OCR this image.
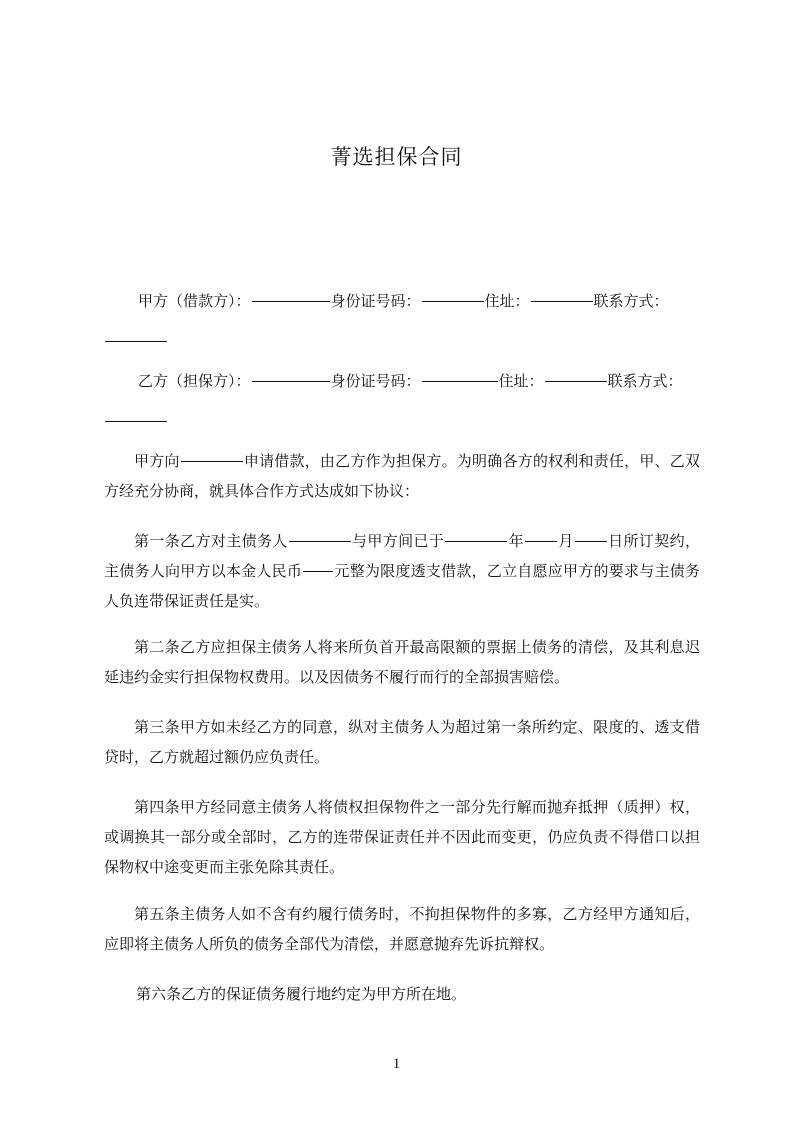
菁选担保合同
甲方（借款方）：	身份证号码：	住址：	联系方式：
乙方（担保方）：	身份证号码：	住址：	联系方式：

甲方向	申请借款，由乙方作为担保方。为明确各方的权利和责任，甲、乙双方经充分协商，就具体合作方式达成如下协议：

第一条乙方对主债务人	与甲方间已于	年 月 日所订契约，主债务人向甲方以本金人民币 元整为限度透支借款，乙立自愿应甲方的要求与主债务人负连带保证责任是实。

第二条乙方应担保主债务人将来所负首开最高限额的票据上债务的清偿，及其利息迟延违约金实行担保物权费用。以及因债务不履行而行的全部损害赔偿。

第三条甲方如未经乙方的同意，纵对主债务人为超过第一条所约定、限度的、透支借贷时，乙方就超过额仍应负责任。

第四条甲方经同意主债务人将债权担保物件之一部分先行解而抛弃抵押（质押）权，或调换其一部分或全部时，乙方的连带保证责任并不因此而变更，仍应负责不得借口以担保物权中途变更而主张免除其责任。

第五条主债务人如不含有约履行债务时，不拘担保物件的多寡，乙方经甲方通知后，应即将主债务人所负的债务全部代为清偿，并愿意抛弃先诉抗辩权。

第六条乙方的保证债务履行地约定为甲方所在地。

1
